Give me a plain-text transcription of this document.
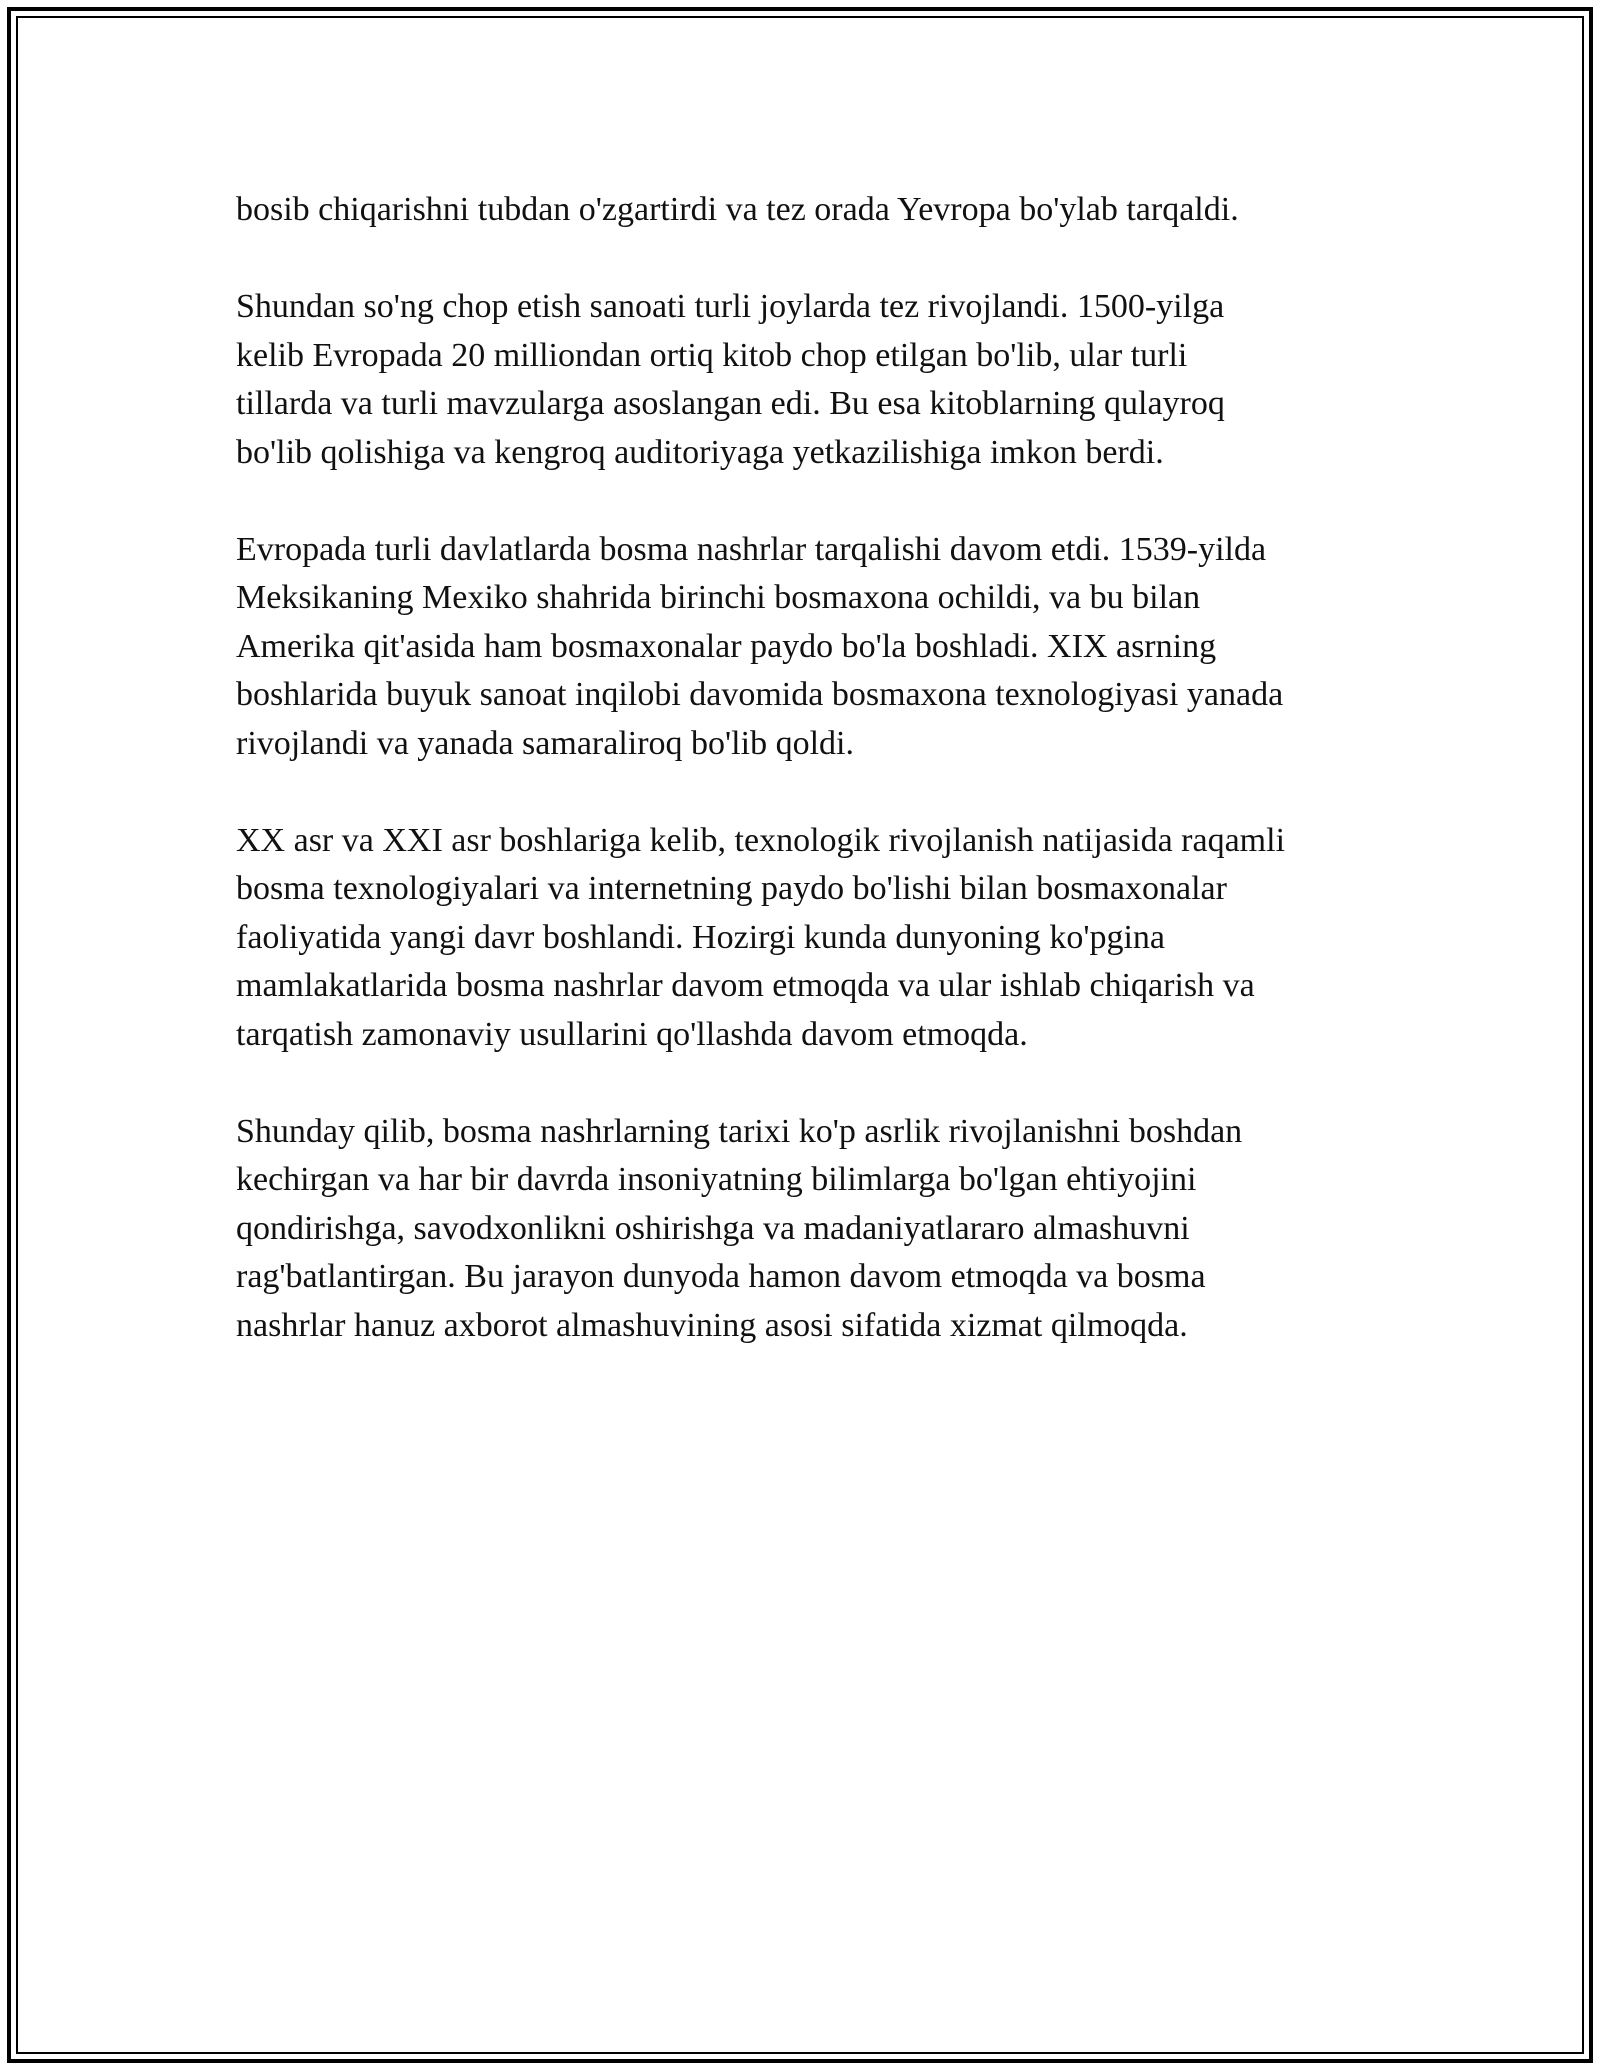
bosib chiqarishni tubdan o'zgartirdi va tez orada Yevropa bo'ylab tarqaldi.

Shundan so'ng chop etish sanoati turli joylarda tez rivojlandi. 1500-yilga
kelib Evropada 20 milliondan ortiq kitob chop etilgan bo'lib, ular turli
tillarda va turli mavzularga asoslangan edi. Bu esa kitoblarning qulayroq
bo'lib qolishiga va kengroq auditoriyaga yetkazilishiga imkon berdi.

Evropada turli davlatlarda bosma nashrlar tarqalishi davom etdi. 1539-yilda
Meksikaning Mexiko shahrida birinchi bosmaxona ochildi, va bu bilan
Amerika qit'asida ham bosmaxonalar paydo bo'la boshladi. XIX asrning
boshlarida buyuk sanoat inqilobi davomida bosmaxona texnologiyasi yanada
rivojlandi va yanada samaraliroq bo'lib qoldi.

XX asr va XXI asr boshlariga kelib, texnologik rivojlanish natijasida raqamli
bosma texnologiyalari va internetning paydo bo'lishi bilan bosmaxonalar
faoliyatida yangi davr boshlandi. Hozirgi kunda dunyoning ko'pgina
mamlakatlarida bosma nashrlar davom etmoqda va ular ishlab chiqarish va
tarqatish zamonaviy usullarini qo'llashda davom etmoqda.

Shunday qilib, bosma nashrlarning tarixi ko'p asrlik rivojlanishni boshdan
kechirgan va har bir davrda insoniyatning bilimlarga bo'lgan ehtiyojini
qondirishga, savodxonlikni oshirishga va madaniyatlararo almashuvni
rag'batlantirgan. Bu jarayon dunyoda hamon davom etmoqda va bosma
nashrlar hanuz axborot almashuvining asosi sifatida xizmat qilmoqda.
